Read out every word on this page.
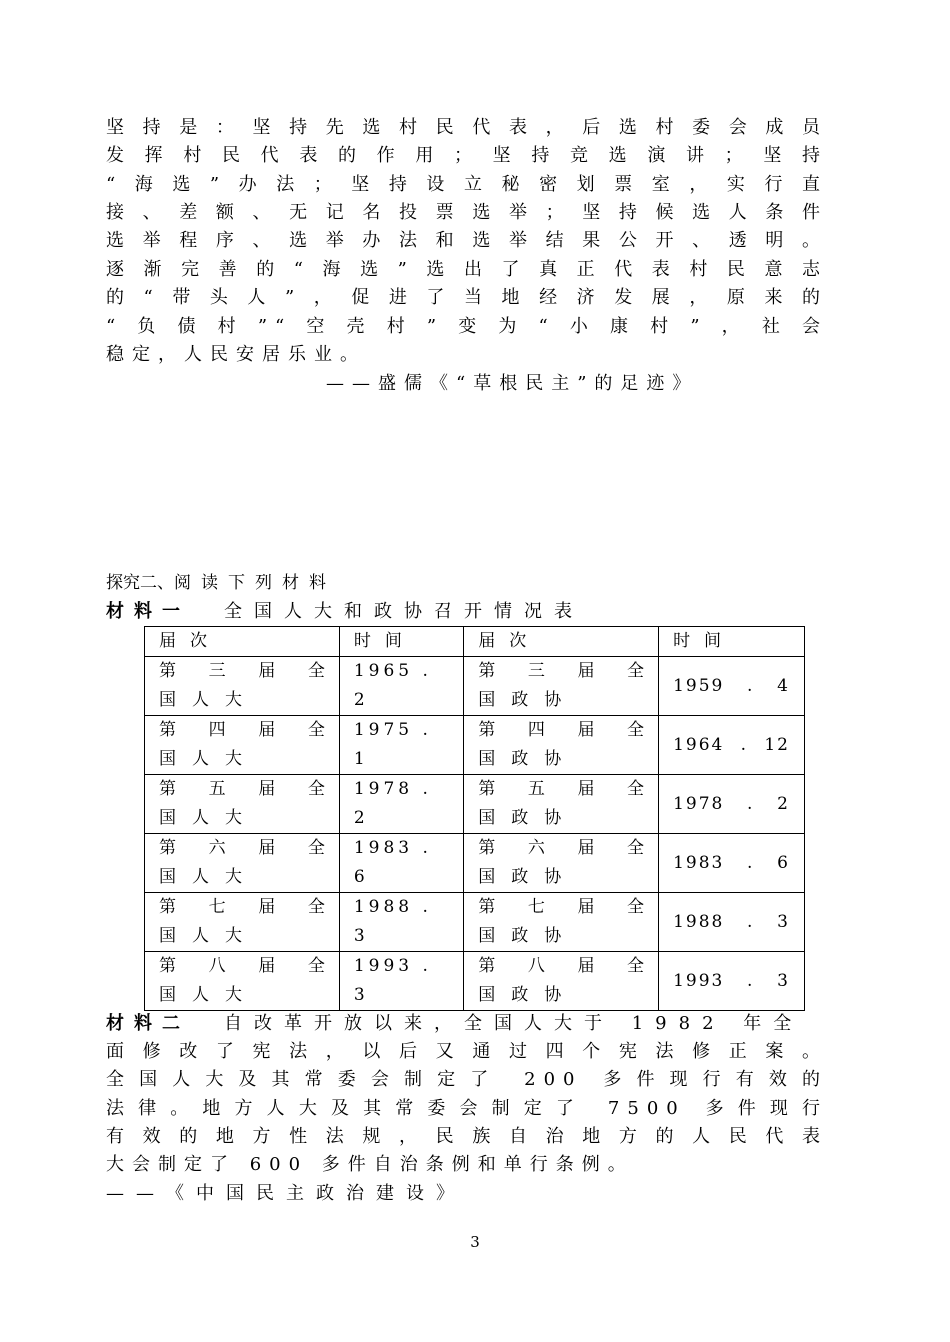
坚持是：坚持先选村民代表，后选村委会成员
发挥村民代表的作用；坚持竞选演讲；坚持
“海选”办法；坚持设立秘密划票室，实行直
接、差额、无记名投票选举；坚持候选人条件
选举程序、选举办法和选举结果公开、透明。
逐渐完善的“海选”选出了真正代表村民意志
的“带头人”，促进了当地经济发展，原来的
“负债村”“空壳村”变为“小康村”，社会
稳定，人民安居乐业。
——盛儒《“草根民主”的足迹》
探究二、阅读下列材料
材料一 全国人大和政协召开情况表
届次	时间	届次	时间

第三届全
国人大	1965 .
2	第三届全
国政协	1959 . 4

第四届全
国人大	1975 .
1	第四届全
国政协	1964 . 12

第五届全
国人大	1978 .
2	第五届全
国政协	1978 . 2

第六届全
国人大	1983 .
6	第六届全
国政协	1983 . 6

第七届全
国人大	1988 .
3	第七届全
国政协	1988 . 3

第八届全
国人大	1993 .
3	第八届全
国政协	1993 . 3
材料二 自改革开放以来，全国人大于 1982 年全
面修改了宪法，以后又通过四个宪法修正案。
全国人大及其常委会制定了 200 多件现行有效的
法律。地方人大及其常委会制定了 7500 多件现行
有效的地方性法规，民族自治地方的人民代表
大会制定了 600 多件自治条例和单行条例。
——《中国民主政治建设》
3
